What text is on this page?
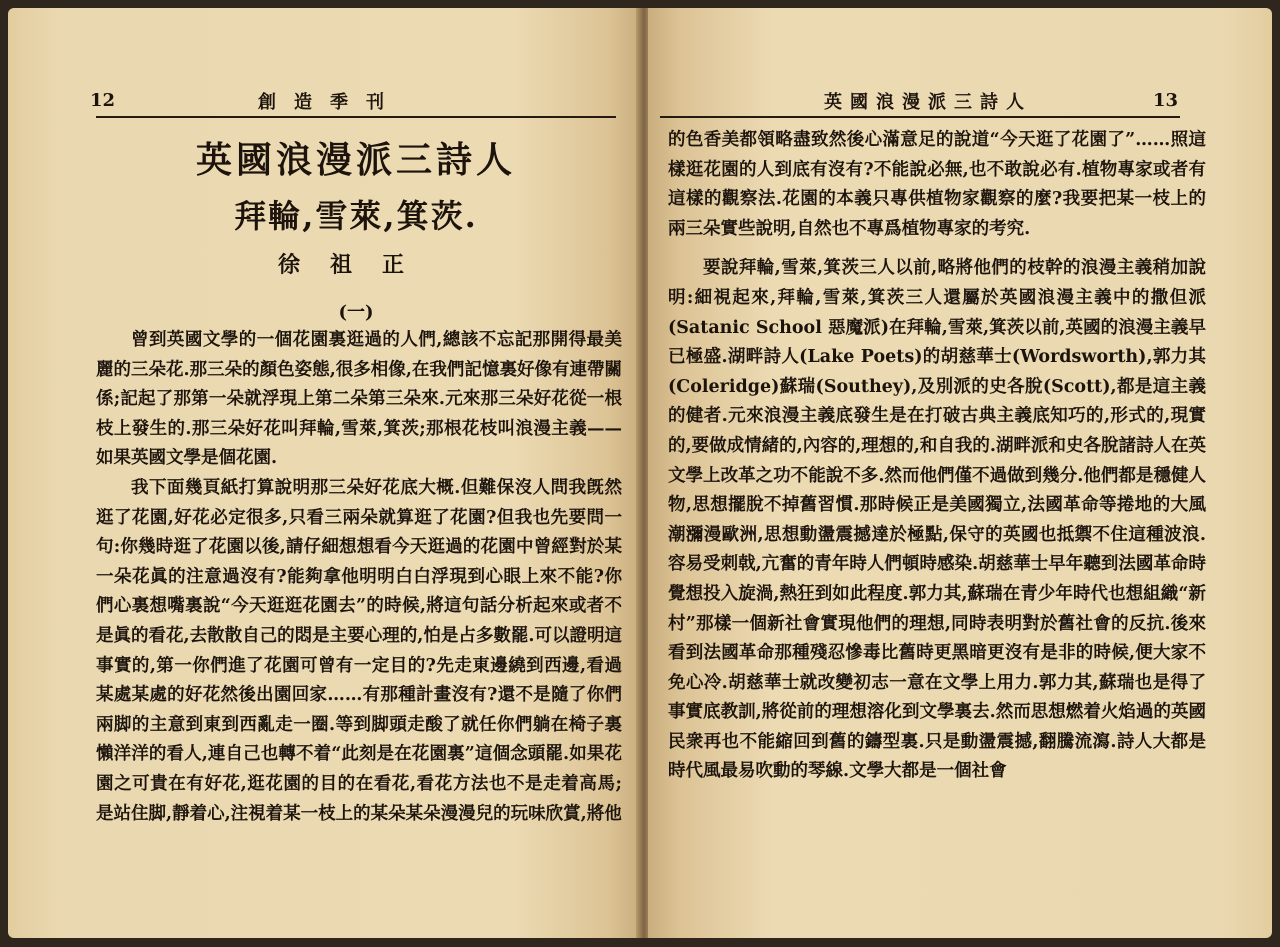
12	創造季刊
英國浪漫派三詩人
拜輪,雪萊,箕茨.
徐祖正
(一)

曾到英國文學的一個花園裏逛過的人們,總該不忘記那開得最美麗的三朵花.那三朵的顏色姿態,很多相像,在我們記憶裏好像有連帶關係;記起了那第一朵就浮現上第二朵第三朵來.元來那三朵好花從一根枝上發生的.那三朵好花叫拜輪,雪萊,箕茨;那根花枝叫浪漫主義——如果英國文學是個花園.

我下面幾頁紙打算說明那三朵好花底大概.但難保沒人問我旣然逛了花園,好花必定很多,只看三兩朵就算逛了花園?但我也先要問一句:你幾時逛了花園以後,請仔細想想看今天逛過的花園中曾經對於某一朵花眞的注意過沒有?能夠拿他明明白白浮現到心眼上來不能?你們心裏想嘴裏說“今天逛逛花園去”的時候,將這句話分析起來或者不是眞的看花,去散散自己的悶是主要心理的,怕是占多數罷.可以證明這事實的,第一你們進了花園可曾有一定目的?先走東邊繞到西邊,看過某處某處的好花然後出園回家……有那種計畫沒有?還不是隨了你們兩脚的主意到東到西亂走一圈.等到脚頭走酸了就任你們躺在椅子裏懶洋洋的看人,連自己也轉不着“此刻是在花園裏”這個念頭罷.如果花園之可貴在有好花,逛花園的目的在看花,看花方法也不是走着高馬;是站住脚,靜着心,注視着某一枝上的某朵某朵漫漫兒的玩味欣賞,將他

英國浪漫派三詩人	13

的色香美都領略盡致然後心滿意足的說道“今天逛了花園了”……照這樣逛花園的人到底有沒有?不能說必無,也不敢說必有.植物專家或者有這樣的觀察法.花園的本義只專供植物家觀察的麼?我要把某一枝上的兩三朵實些說明,自然也不專爲植物專家的考究.

要說拜輪,雪萊,箕茨三人以前,略將他們的枝幹的浪漫主義稍加說明:細視起來,拜輪,雪萊,箕茨三人還屬於英國浪漫主義中的撒但派(Satanic School 惡魔派)在拜輪,雪萊,箕茨以前,英國的浪漫主義早已極盛.湖畔詩人(Lake Poets)的胡慈華士(Wordsworth),郭力其(Coleridge)蘇瑞(Southey),及別派的史各脫(Scott),都是這主義的健者.元來浪漫主義底發生是在打破古典主義底知巧的,形式的,現實的,要做成情緒的,內容的,理想的,和自我的.湖畔派和史各脫諸詩人在英文學上改革之功不能說不多.然而他們僅不過做到幾分.他們都是穩健人物,思想擺脫不掉舊習慣.那時候正是美國獨立,法國革命等捲地的大風潮瀰漫歐洲,思想動盪震撼達於極點,保守的英國也抵禦不住這種波浪.容易受刺戟,亢奮的青年時人們頓時感染.胡慈華士早年聽到法國革命時覺想投入旋渦,熱狂到如此程度.郭力其,蘇瑞在青少年時代也想組織“新村”那樣一個新社會實現他們的理想,同時表明對於舊社會的反抗.後來看到法國革命那種殘忍慘毒比舊時更黑暗更沒有是非的時候,便大家不免心冷.胡慈華士就改變初志一意在文學上用力.郭力其,蘇瑞也是得了事實底教訓,將從前的理想溶化到文學裏去.然而思想燃着火焰過的英國民衆再也不能縮回到舊的鑄型裏.只是動盪震撼,翻騰流瀉.詩人大都是時代風最易吹動的琴線.文學大都是一個社會
